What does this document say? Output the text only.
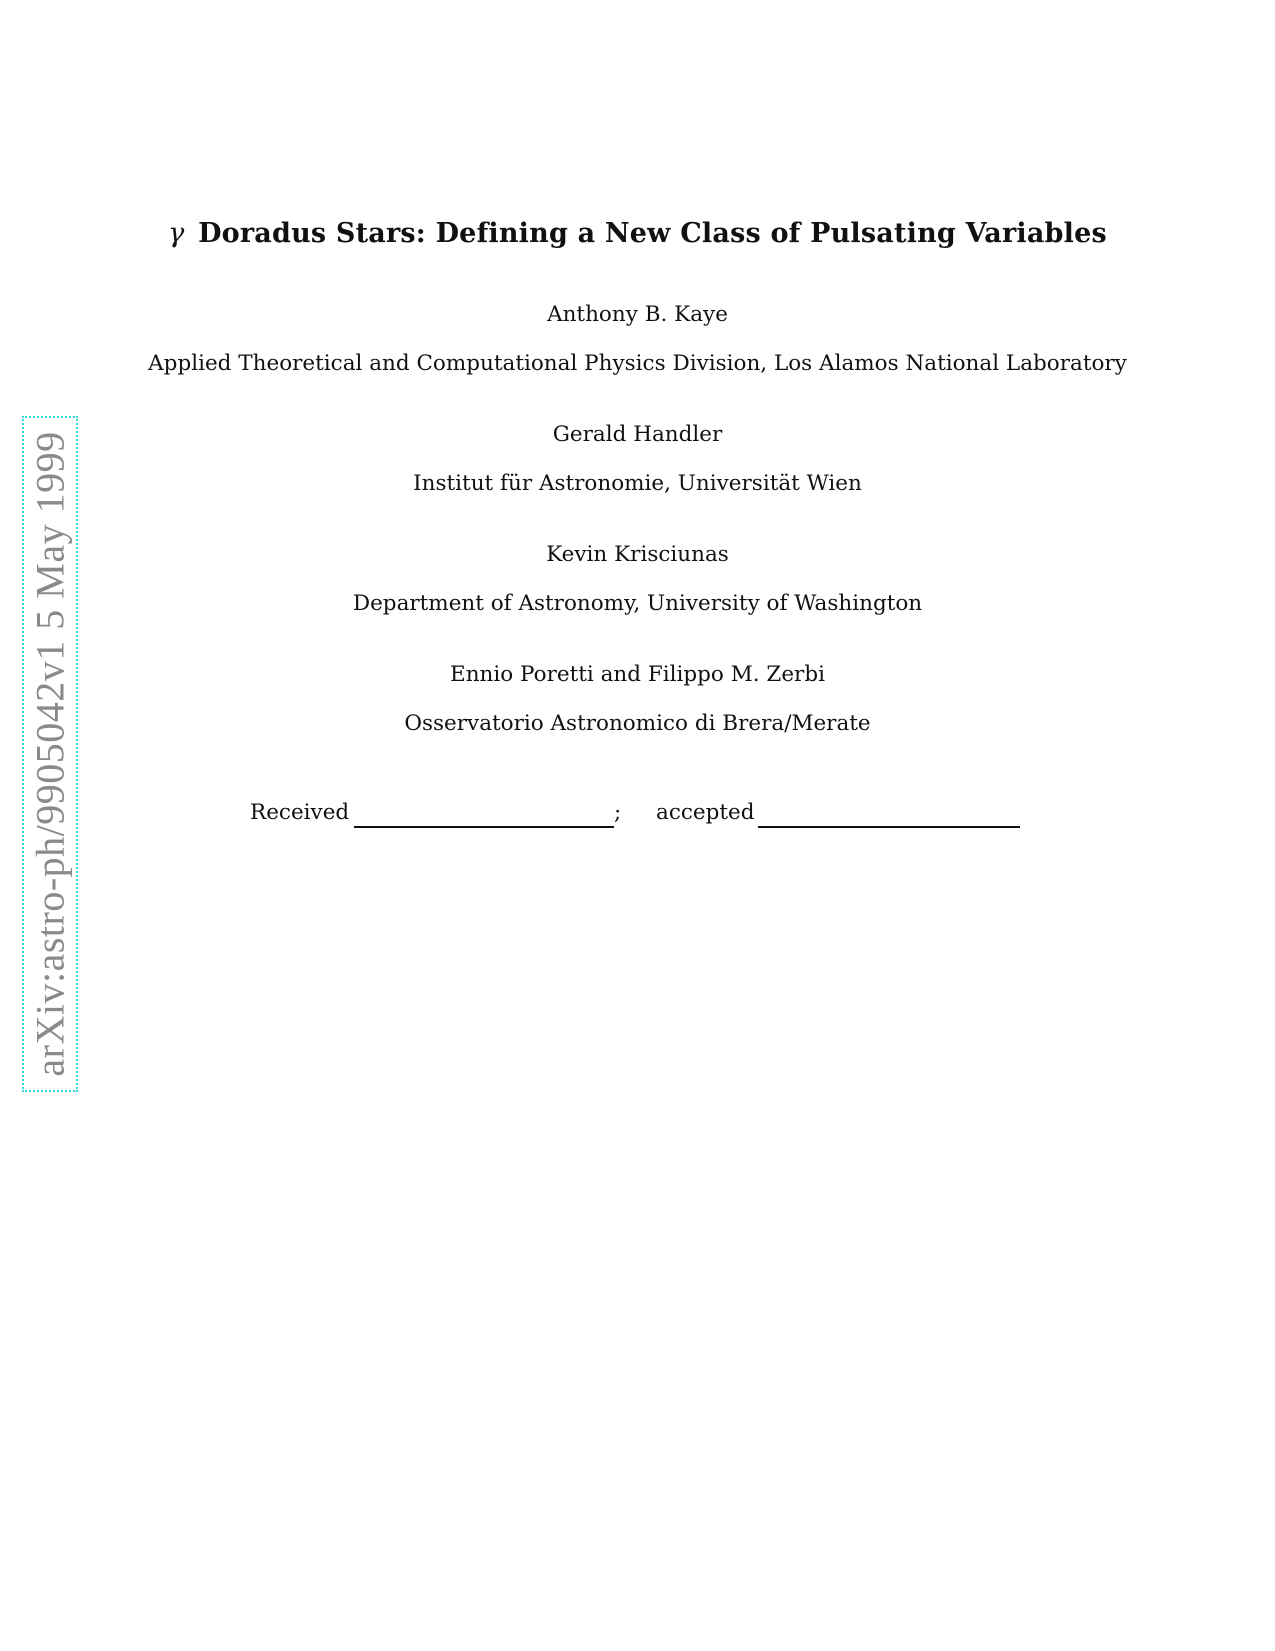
arXiv:astro-ph/9905042v1 5 May 1999
γ Doradus Stars: Defining a New Class of Pulsating Variables
Anthony B. Kaye
Applied Theoretical and Computational Physics Division, Los Alamos National Laboratory
Gerald Handler
Institut für Astronomie, Universität Wien
Kevin Krisciunas
Department of Astronomy, University of Washington
Ennio Poretti and Filippo M. Zerbi
Osservatorio Astronomico di Brera/Merate
Received	; accepted
